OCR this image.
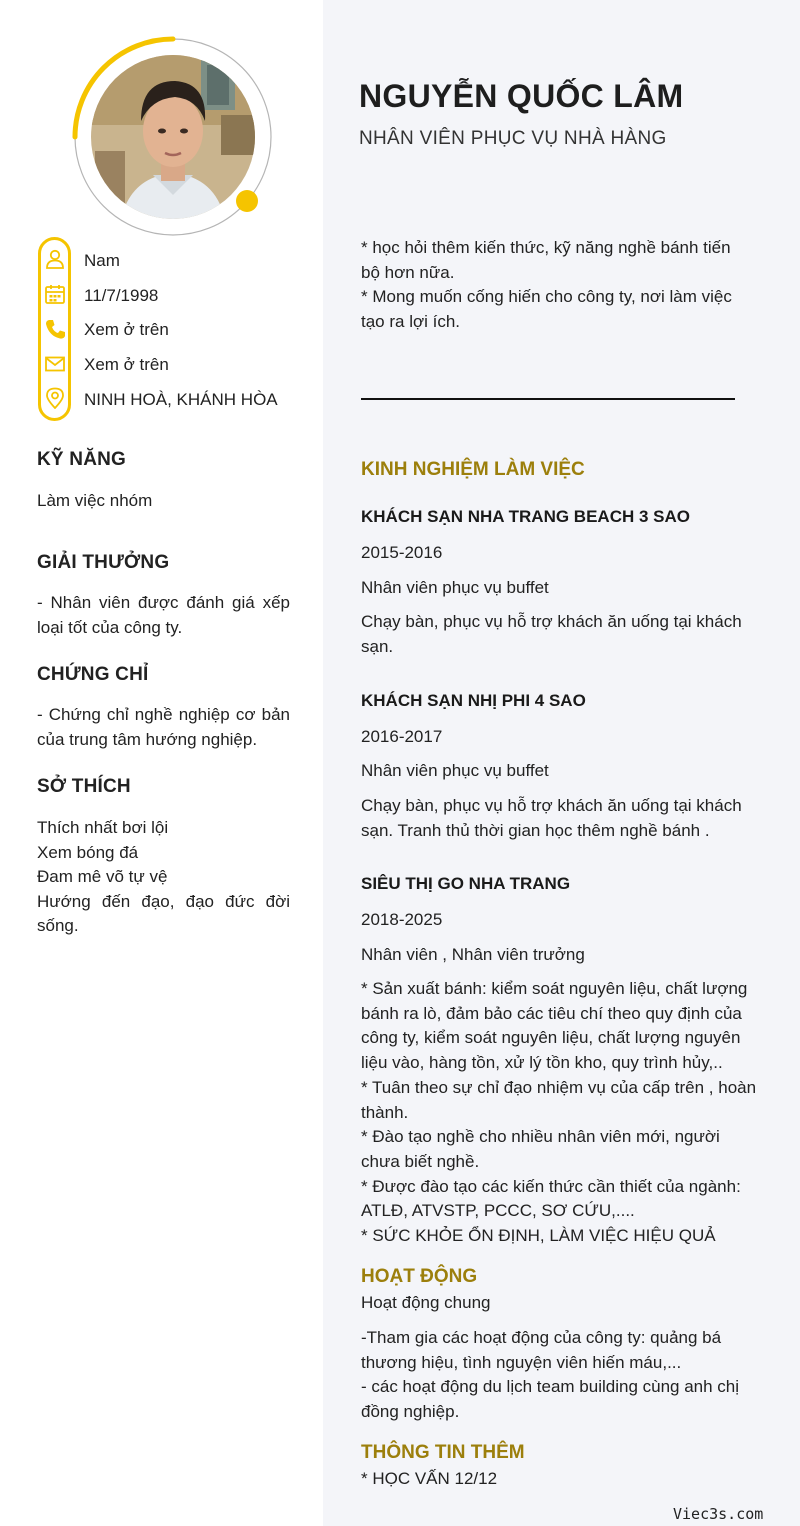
Nam
11/7/1998
Xem ở trên
Xem ở trên
NINH HOÀ, KHÁNH HÒA
KỸ NĂNG
Làm việc nhóm
GIẢI THƯỞNG
- Nhân viên được đánh giá xếp loại tốt của công ty.
CHỨNG CHỈ
- Chứng chỉ nghề nghiệp cơ bản của trung tâm hướng nghiệp.
SỞ THÍCH
Thích nhất bơi lội
Xem bóng đá
Đam mê võ tự vệ
Hướng đến đạo, đạo đức đời sống.
NGUYỄN QUỐC LÂM
NHÂN VIÊN PHỤC VỤ NHÀ HÀNG
* học hỏi thêm kiến thức, kỹ năng nghề bánh tiến bộ hơn nữa.
* Mong muốn cống hiến cho công ty, nơi làm việc tạo ra lợi ích.
KINH NGHIỆM LÀM VIỆC
KHÁCH SẠN NHA TRANG BEACH 3 SAO
2015-2016
Nhân viên phục vụ buffet
Chạy bàn, phục vụ hỗ trợ khách ăn uống tại khách sạn.
KHÁCH SẠN NHỊ PHI 4 SAO
2016-2017
Nhân viên phục vụ buffet
Chạy bàn, phục vụ hỗ trợ khách ăn uống tại khách sạn. Tranh thủ thời gian học thêm nghề bánh .
SIÊU THỊ GO NHA TRANG
2018-2025
Nhân viên , Nhân viên trưởng
* Sản xuất bánh: kiểm soát nguyên liệu, chất lượng bánh ra lò, đảm bảo các tiêu chí theo quy định của công ty, kiểm soát nguyên liệu, chất lượng nguyên liệu vào, hàng tồn, xử lý tồn kho, quy trình hủy,..
* Tuân theo sự chỉ đạo nhiệm vụ của cấp trên , hoàn thành.
* Đào tạo nghề cho nhiều nhân viên mới, người chưa biết nghề.
* Được đào tạo các kiến thức cần thiết của ngành: ATLĐ, ATVSTP, PCCC, SƠ CỨU,....
* SỨC KHỎE ỔN ĐỊNH, LÀM VIỆC HIỆU QUẢ
HOẠT ĐỘNG
Hoạt động chung
-Tham gia các hoạt động của công ty: quảng bá thương hiệu, tình nguyện viên hiến máu,...
- các hoạt động du lịch team building cùng anh chị đồng nghiệp.
THÔNG TIN THÊM
* HỌC VẤN 12/12
Viec3s.com
